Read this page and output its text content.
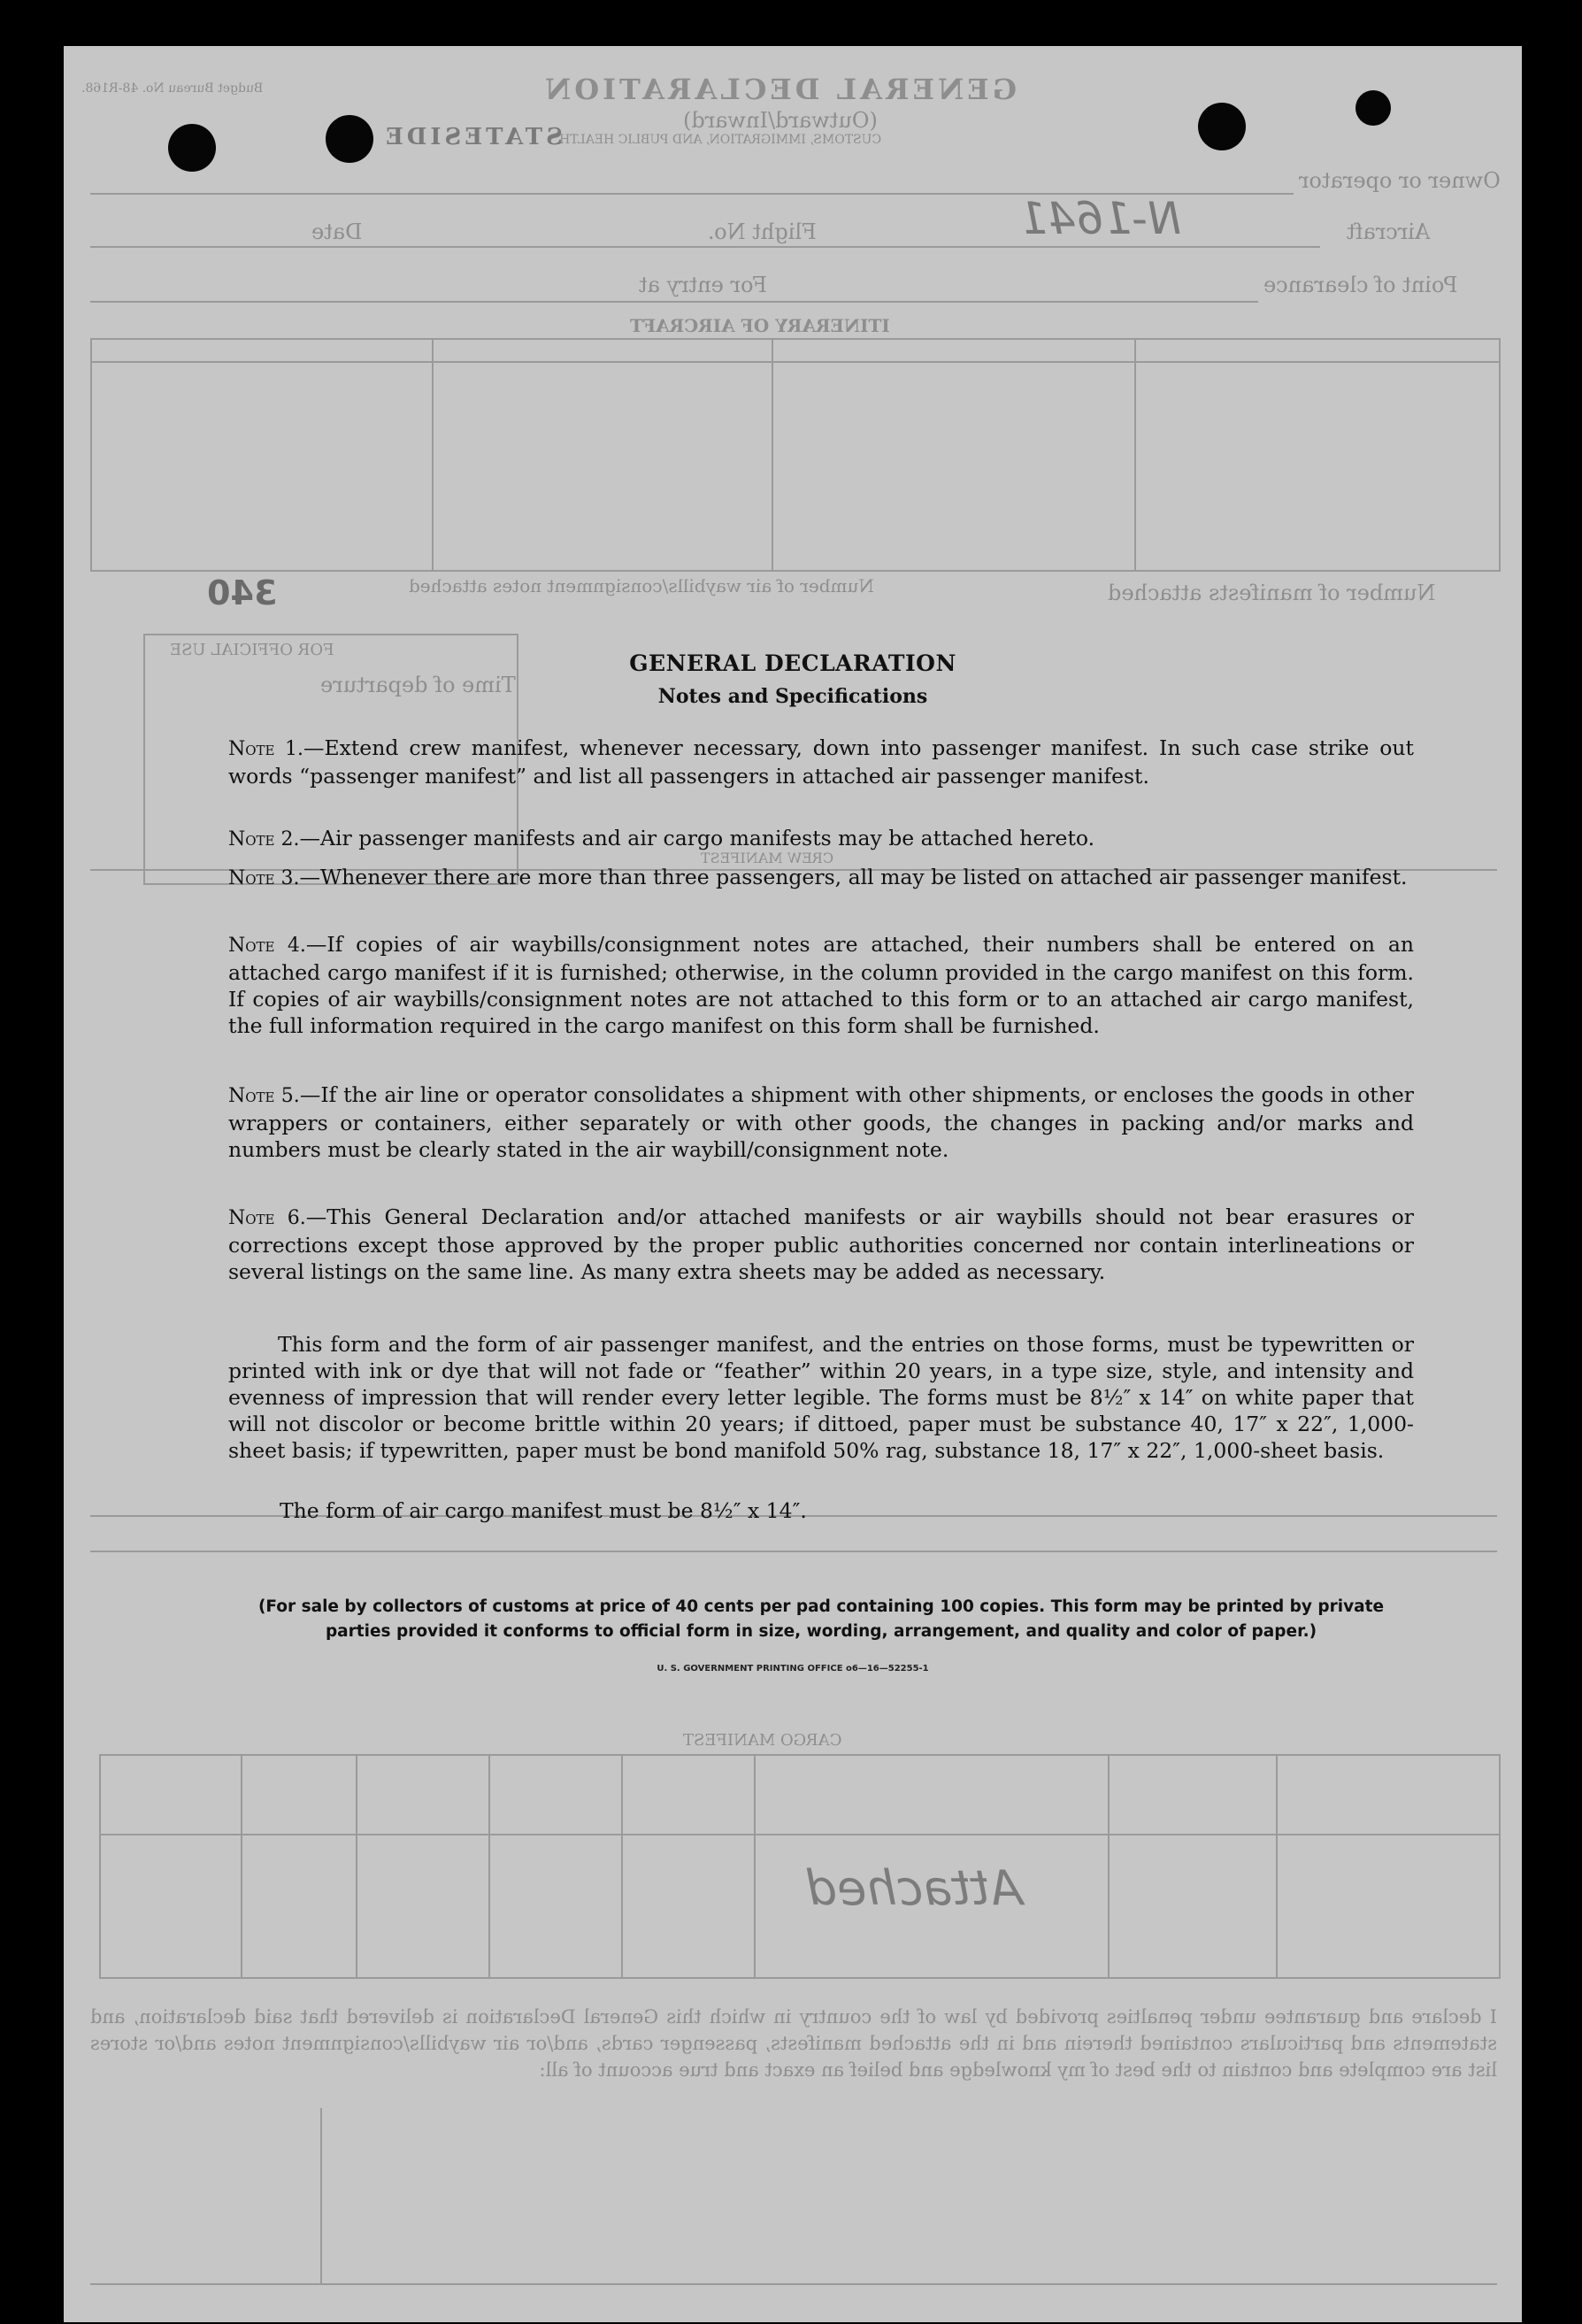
GENERAL DECLARATION
(Outward/Inward)
CUSTOMS, IMMIGRATION, AND PUBLIC HEALTH
Budget Bureau No. 48-R168.
STATESIDE
Owner or operator
Aircraft
N-1641
Flight No.
Date
Point of clearance
For entry at
ITINERARY OF AIRCRAFT
Number of manifests attached
Number of air waybills/consignment notes attached
340
FOR OFFICIAL USE
Time of departure
CREW MANIFEST
CARGO MANIFEST
Attached
I declare and guarantee under penalties provided by law of the country in which this General Declaration is delivered that said declaration, and statements and particulars contained therein and in the attached manifests, passenger cards, and/or air waybills/consignment notes and/or stores list are complete and contain to the best of my knowledge and belief an exact and true account of all:
GENERAL DECLARATION
Notes and Specifications

Note 1.—Extend crew manifest, whenever necessary, down into passenger manifest. In such case strike out words “passenger manifest” and list all passengers in attached air passenger manifest.

Note 2.—Air passenger manifests and air cargo manifests may be attached hereto.

Note 3.—Whenever there are more than three passengers, all may be listed on attached air passenger manifest.

Note 4.—If copies of air waybills/consignment notes are attached, their numbers shall be entered on an attached cargo manifest if it is furnished; otherwise, in the column provided in the cargo manifest on this form. If copies of air waybills/consignment notes are not attached to this form or to an attached air cargo manifest, the full information required in the cargo manifest on this form shall be furnished.

Note 5.—If the air line or operator consolidates a shipment with other shipments, or encloses the goods in other wrappers or containers, either separately or with other goods, the changes in packing and/or marks and numbers must be clearly stated in the air waybill/consignment note.

Note 6.—This General Declaration and/or attached manifests or air waybills should not bear erasures or corrections except those approved by the proper public authorities concerned nor contain interlineations or several listings on the same line. As many extra sheets may be added as necessary.

This form and the form of air passenger manifest, and the entries on those forms, must be typewritten or printed with ink or dye that will not fade or “feather” within 20 years, in a type size, style, and intensity and evenness of impression that will render every letter legible. The forms must be 8½″ x 14″ on white paper that will not discolor or become brittle within 20 years; if dittoed, paper must be substance 40, 17″ x 22″, 1,000-sheet basis; if typewritten, paper must be bond manifold 50% rag, substance 18, 17″ x 22″, 1,000-sheet basis.
The form of air cargo manifest must be 8½″ x 14″.
(For sale by collectors of customs at price of 40 cents per pad containing 100 copies. This form may be printed by private parties provided it conforms to official form in size, wording, arrangement, and quality and color of paper.)
U. S. GOVERNMENT PRINTING OFFICE o6—16—52255-1
